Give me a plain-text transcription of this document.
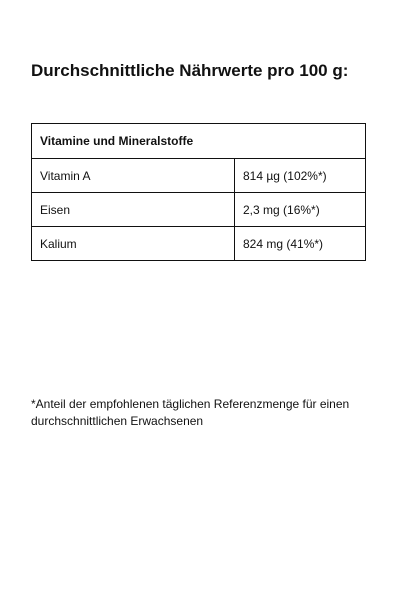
Durchschnittliche Nährwerte pro 100 g:
Vitamine und Mineralstoffe	
Vitamin A	814 µg (102%*)
Eisen	2,3 mg (16%*)
Kalium	824 mg (41%*)

*Anteil der empfohlenen täglichen Referenzmenge für einen durchschnittlichen Erwachsenen
